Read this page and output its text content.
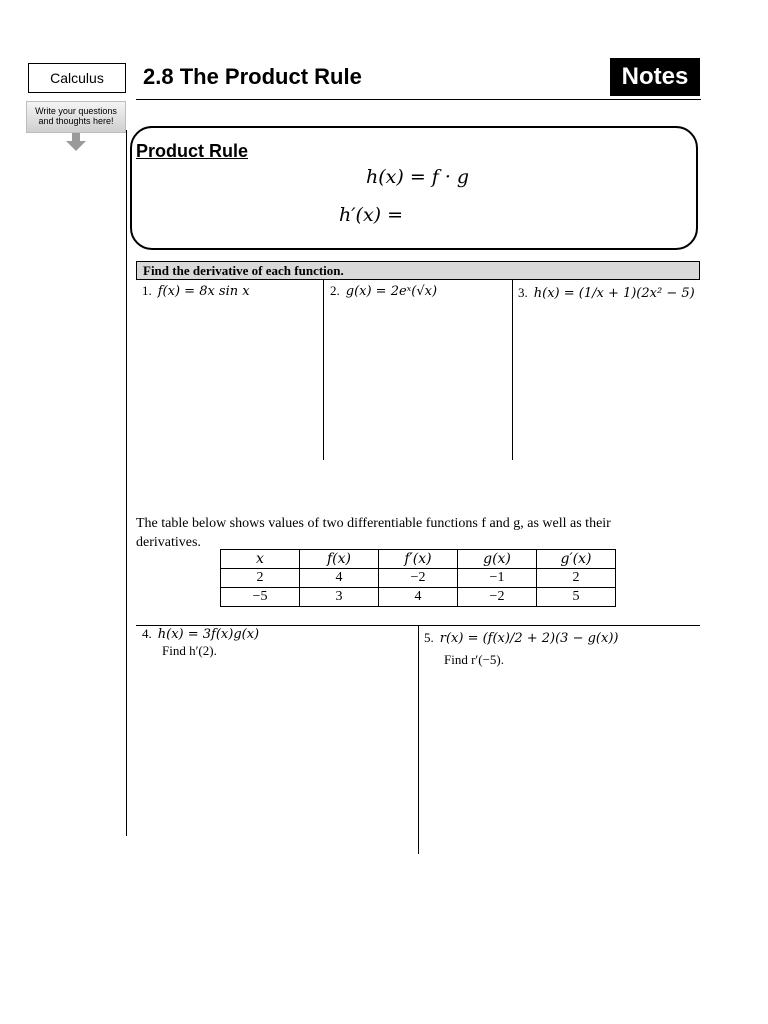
Calculus	2.8 The Product Rule	Notes
Write your questions and thoughts here!
Product Rule
h(x) = f · g
h′(x) =
Find the derivative of each function.
1. f(x) = 8x sin x	2. g(x) = 2eˣ(√x)	3. h(x) = (1/x + 1)(2x² − 5)
The table below shows values of two differentiable functions f and g, as well as their derivatives.
x	f(x)	f′(x)	g(x)	g′(x)
2	4	−2	−1	2
−5	3	4	−2	5
4. h(x) = 3f(x)g(x)
Find h′(2).
5. r(x) = (f(x)/2 + 2)(3 − g(x))
Find r′(−5).
